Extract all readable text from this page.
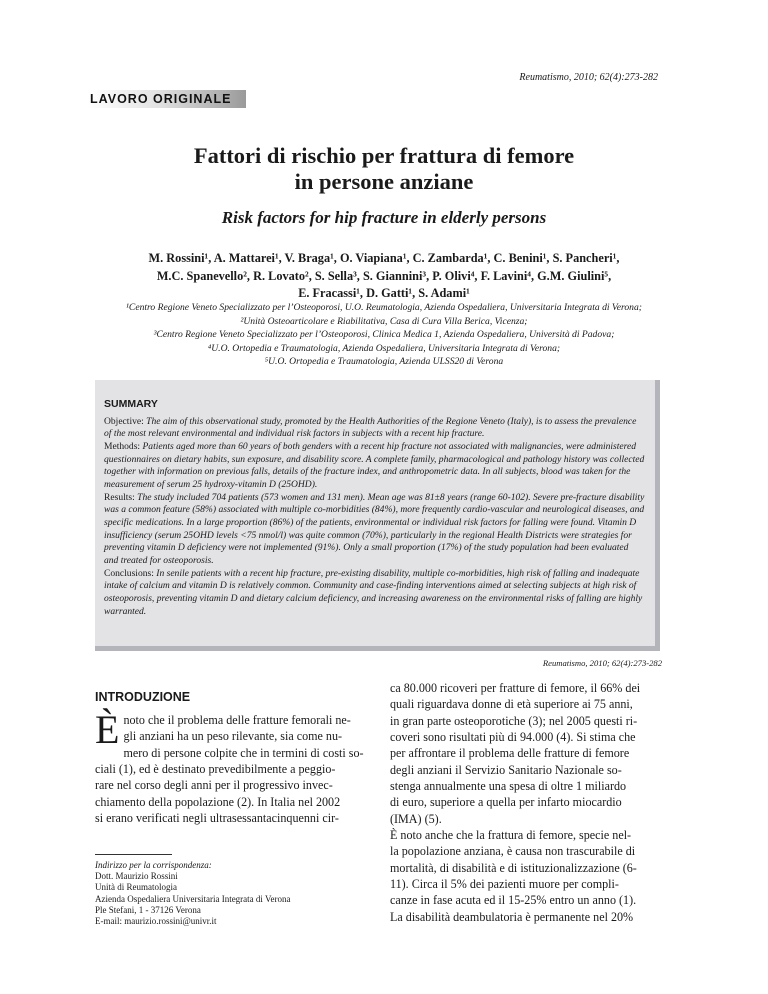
Reumatismo, 2010; 62(4):273-282
LAVORO ORIGINALE
Fattori di rischio per frattura di femore
in persone anziane
Risk factors for hip fracture in elderly persons
M. Rossini¹, A. Mattarei¹, V. Braga¹, O. Viapiana¹, C. Zambarda¹, C. Benini¹, S. Pancheri¹,
M.C. Spanevello², R. Lovato², S. Sella³, S. Giannini³, P. Olivi⁴, F. Lavini⁴, G.M. Giulini⁵,
E. Fracassi¹, D. Gatti¹, S. Adami¹
¹Centro Regione Veneto Specializzato per l’Osteoporosi, U.O. Reumatologia, Azienda Ospedaliera, Universitaria Integrata di Verona;
²Unità Osteoarticolare e Riabilitativa, Casa di Cura Villa Berica, Vicenza;
³Centro Regione Veneto Specializzato per l’Osteoporosi, Clinica Medica 1, Azienda Ospedaliera, Università di Padova;
⁴U.O. Ortopedia e Traumatologia, Azienda Ospedaliera, Universitaria Integrata di Verona;
⁵U.O. Ortopedia e Traumatologia, Azienda ULSS20 di Verona
SUMMARY
Objective: The aim of this observational study, promoted by the Health Authorities of the Regione Veneto (Italy), is to assess the prevalence of the most relevant environmental and individual risk factors in subjects with a recent hip fracture.
Methods: Patients aged more than 60 years of both genders with a recent hip fracture not associated with malignancies, were administered questionnaires on dietary habits, sun exposure, and disability score. A complete family, pharmacological and pathology history was collected together with information on previous falls, details of the fracture index, and anthropometric data. In all subjects, blood was taken for the measurement of serum 25 hydroxy-vitamin D (25OHD).
Results: The study included 704 patients (573 women and 131 men). Mean age was 81±8 years (range 60-102). Severe pre-fracture disability was a common feature (58%) associated with multiple co-morbidities (84%), more frequently cardio-vascular and neurological diseases, and specific medications. In a large proportion (86%) of the patients, environmental or individual risk factors for falling were found. Vitamin D insufficiency (serum 25OHD levels <75 nmol/l) was quite common (70%), particularly in the regional Health Districts were strategies for preventing vitamin D deficiency were not implemented (91%). Only a small proportion (17%) of the study population had been evaluated and treated for osteoporosis.
Conclusions: In senile patients with a recent hip fracture, pre-existing disability, multiple co-morbidities, high risk of falling and inadequate intake of calcium and vitamin D is relatively common. Community and case-finding interventions aimed at selecting subjects at high risk of osteoporosis, preventing vitamin D and dietary calcium deficiency, and increasing awareness on the environmental risks of falling are highly warranted.
Reumatismo, 2010; 62(4):273-282
INTRODUZIONE
È noto che il problema delle fratture femorali ne-
gli anziani ha un peso rilevante, sia come nu-
mero di persone colpite che in termini di costi so-
ciali (1), ed è destinato prevedibilmente a peggio-
rare nel corso degli anni per il progressivo invec-
chiamento della popolazione (2). In Italia nel 2002
si erano verificati negli ultrasessantacinquenni cir-
Indirizzo per la corrispondenza:
Dott. Maurizio Rossini
Unità di Reumatologia
Azienda Ospedaliera Universitaria Integrata di Verona
Ple Stefani, 1 - 37126 Verona
E-mail: maurizio.rossini@univr.it
ca 80.000 ricoveri per fratture di femore, il 66% dei
quali riguardava donne di età superiore ai 75 anni,
in gran parte osteoporotiche (3); nel 2005 questi ri-
coveri sono risultati più di 94.000 (4). Si stima che
per affrontare il problema delle fratture di femore
degli anziani il Servizio Sanitario Nazionale so-
stenga annualmente una spesa di oltre 1 miliardo
di euro, superiore a quella per infarto miocardio
(IMA) (5).
È noto anche che la frattura di femore, specie nel-
la popolazione anziana, è causa non trascurabile di
mortalità, di disabilità e di istituzionalizzazione (6-
11). Circa il 5% dei pazienti muore per compli-
canze in fase acuta ed il 15-25% entro un anno (1).
La disabilità deambulatoria è permanente nel 20%
